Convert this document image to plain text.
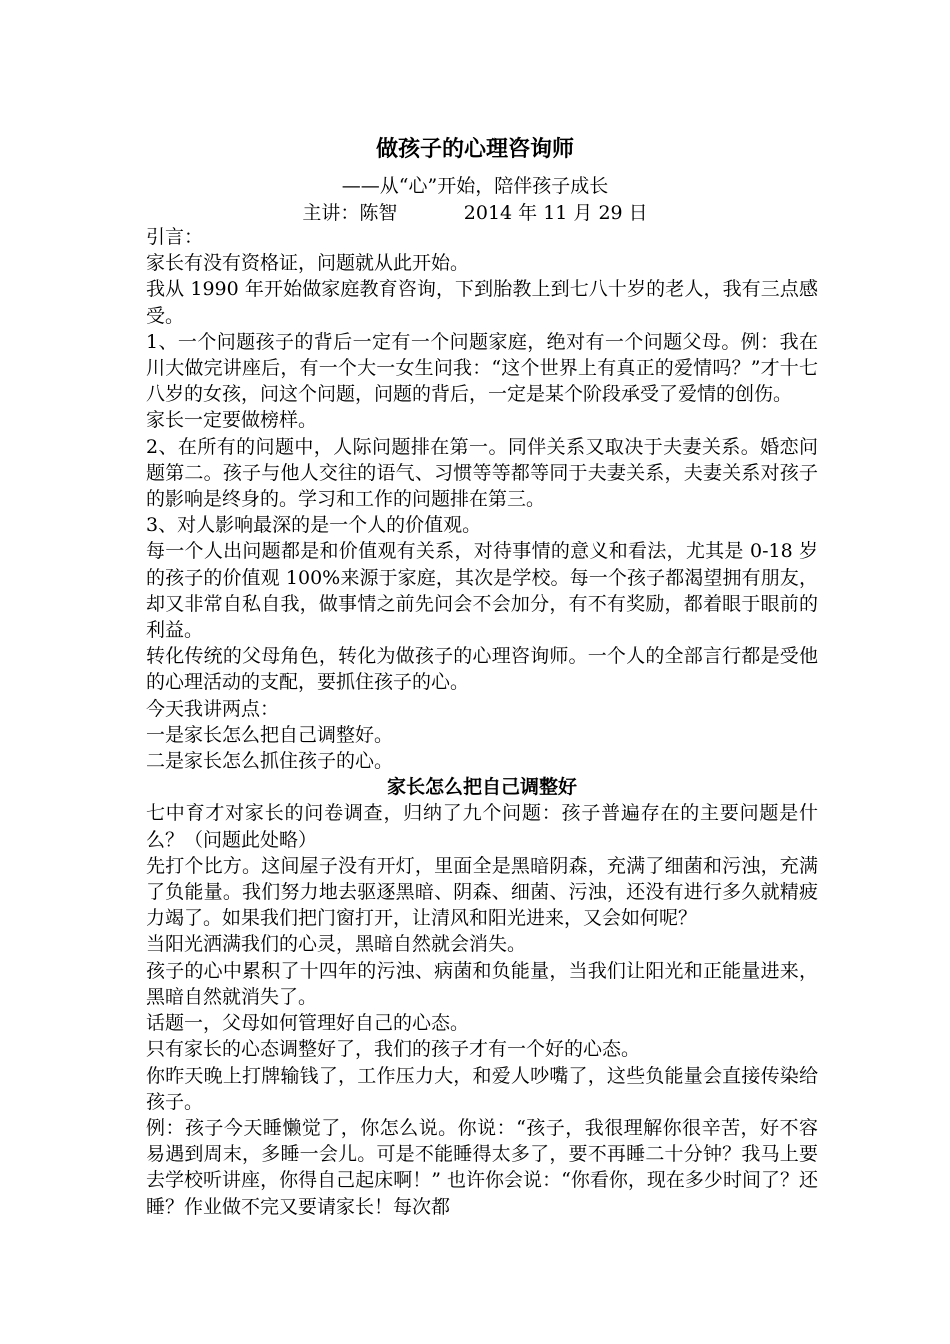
做孩子的心理咨询师
——从“心”开始，陪伴孩子成长
主讲：陈智           2014 年 11 月 29 日

引言：

家长有没有资格证，问题就从此开始。

我从 1990 年开始做家庭教育咨询，下到胎教上到七八十岁的老人，我有三点感受。

1、一个问题孩子的背后一定有一个问题家庭，绝对有一个问题父母。例：我在川大做完讲座后，有一个大一女生问我：“这个世界上有真正的爱情吗？”才十七八岁的女孩，问这个问题，问题的背后，一定是某个阶段承受了爱情的创伤。

家长一定要做榜样。

2、在所有的问题中，人际问题排在第一。同伴关系又取决于夫妻关系。婚恋问题第二。孩子与他人交往的语气、习惯等等都等同于夫妻关系，夫妻关系对孩子的影响是终身的。学习和工作的问题排在第三。

3、对人影响最深的是一个人的价值观。

每一个人出问题都是和价值观有关系，对待事情的意义和看法，尤其是 0-18 岁的孩子的价值观 100%来源于家庭，其次是学校。每一个孩子都渴望拥有朋友，却又非常自私自我，做事情之前先问会不会加分，有不有奖励，都着眼于眼前的利益。

转化传统的父母角色，转化为做孩子的心理咨询师。一个人的全部言行都是受他的心理活动的支配，要抓住孩子的心。

今天我讲两点：

一是家长怎么把自己调整好。

二是家长怎么抓住孩子的心。

家长怎么把自己调整好

七中育才对家长的问卷调查，归纳了九个问题：孩子普遍存在的主要问题是什么？（问题此处略）

先打个比方。这间屋子没有开灯，里面全是黑暗阴森，充满了细菌和污浊，充满了负能量。我们努力地去驱逐黑暗、阴森、细菌、污浊，还没有进行多久就精疲力竭了。如果我们把门窗打开，让清风和阳光进来，又会如何呢？

当阳光洒满我们的心灵，黑暗自然就会消失。

孩子的心中累积了十四年的污浊、病菌和负能量，当我们让阳光和正能量进来，黑暗自然就消失了。

话题一，父母如何管理好自己的心态。

只有家长的心态调整好了，我们的孩子才有一个好的心态。

你昨天晚上打牌输钱了，工作压力大，和爱人吵嘴了，这些负能量会直接传染给孩子。

例：孩子今天睡懒觉了，你怎么说。你说：“孩子，我很理解你很辛苦，好不容易遇到周末，多睡一会儿。可是不能睡得太多了，要不再睡二十分钟？我马上要去学校听讲座，你得自己起床啊！” 也许你会说：“你看你，现在多少时间了？还睡？作业做不完又要请家长！每次都
